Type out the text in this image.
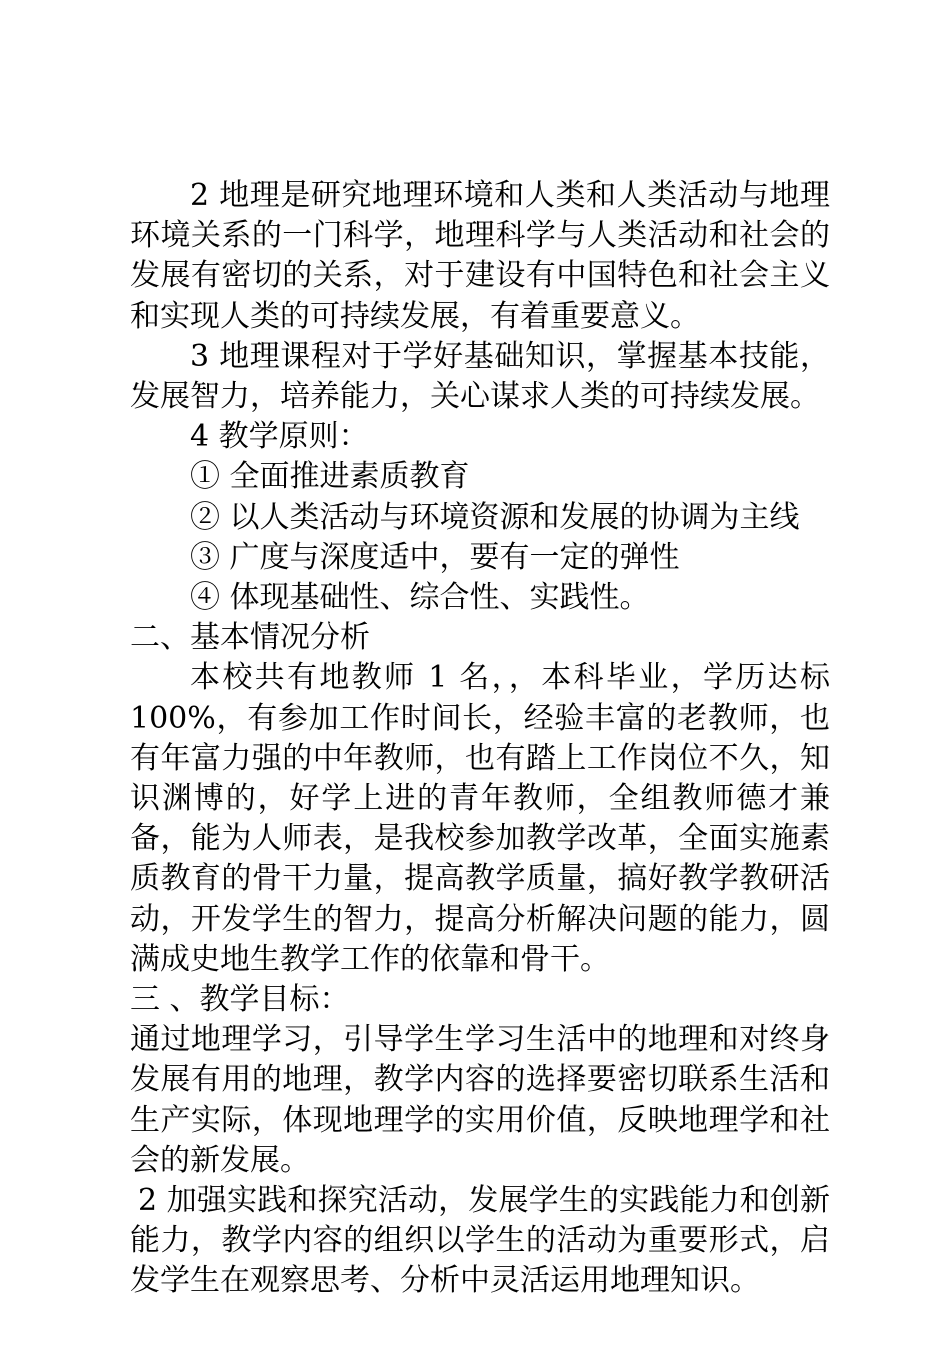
2 地理是研究地理环境和人类和人类活动与地理环境关系的一门科学，地理科学与人类活动和社会的发展有密切的关系，对于建设有中国特色和社会主义和实现人类的可持续发展，有着重要意义。

3 地理课程对于学好基础知识，掌握基本技能，发展智力，培养能力，关心谋求人类的可持续发展。

4 教学原则：

① 全面推进素质教育

② 以人类活动与环境资源和发展的协调为主线

③ 广度与深度适中，要有一定的弹性

④ 体现基础性、综合性、实践性。

二、基本情况分析

本校共有地教师 1 名，，本科毕业，学历达标 100%，有参加工作时间长，经验丰富的老教师，也有年富力强的中年教师，也有踏上工作岗位不久，知识渊博的，好学上进的青年教师，全组教师德才兼备，能为人师表，是我校参加教学改革，全面实施素质教育的骨干力量，提高教学质量，搞好教学教研活动，开发学生的智力，提高分析解决问题的能力，圆满成史地生教学工作的依靠和骨干。

三 、教学目标：

通过地理学习，引导学生学习生活中的地理和对终身发展有用的地理，教学内容的选择要密切联系生活和生产实际，体现地理学的实用价值，反映地理学和社会的新发展。

2 加强实践和探究活动，发展学生的实践能力和创新能力，教学内容的组织以学生的活动为重要形式，启发学生在观察思考、分析中灵活运用地理知识。
